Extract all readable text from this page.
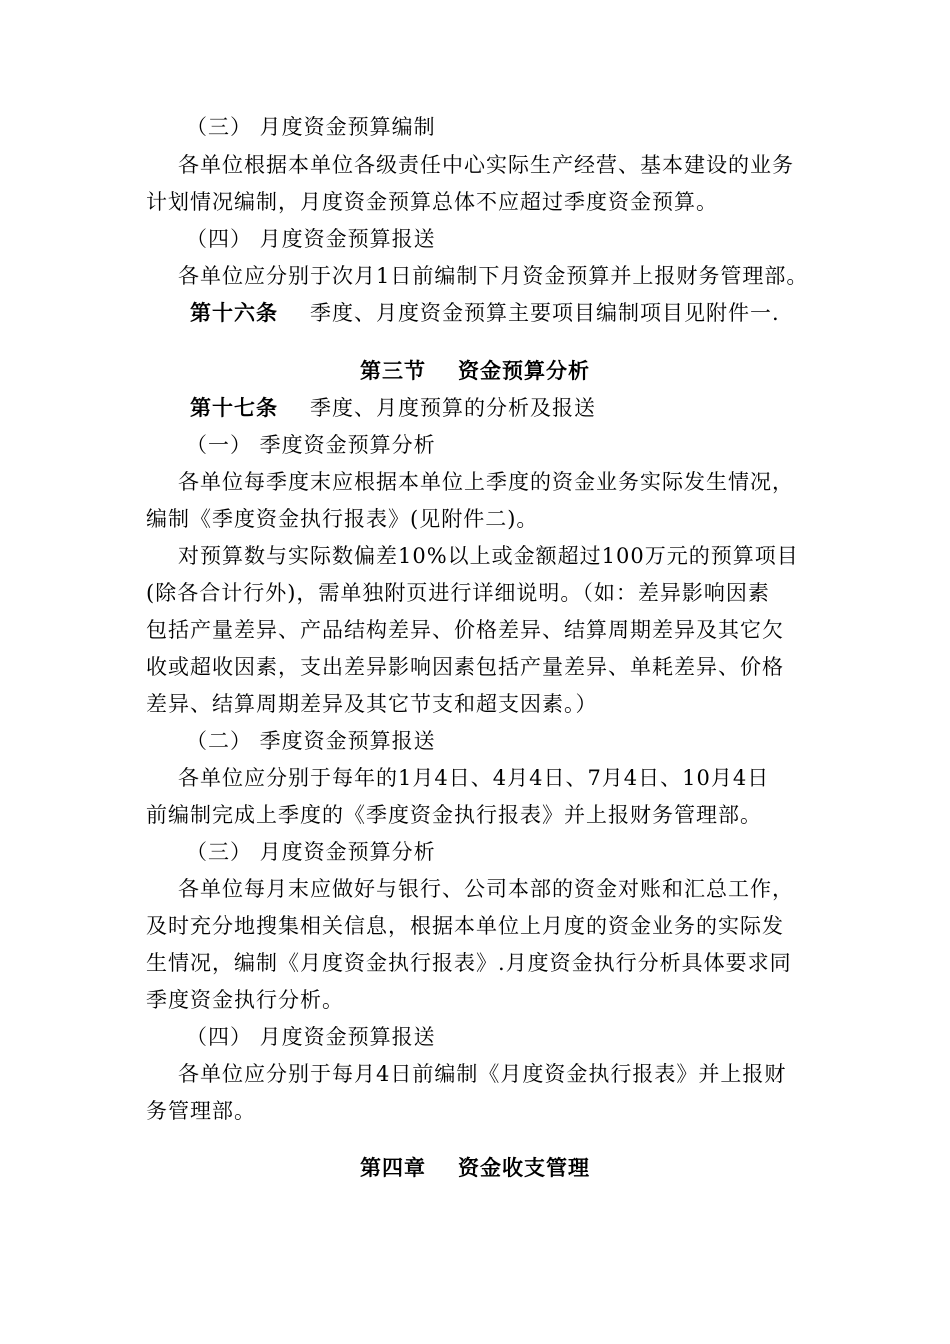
（三） 月度资金预算编制
各单位根据本单位各级责任中心实际生产经营、基本建设的业务
计划情况编制，月度资金预算总体不应超过季度资金预算。
（四） 月度资金预算报送
各单位应分别于次月1日前编制下月资金预算并上报财务管理部。
第十六条 季度、月度资金预算主要项目编制项目见附件一.
第三节 资金预算分析
第十七条 季度、月度预算的分析及报送
（一） 季度资金预算分析
各单位每季度末应根据本单位上季度的资金业务实际发生情况，
编制《季度资金执行报表》(见附件二)。
对预算数与实际数偏差10%以上或金额超过100万元的预算项目
(除各合计行外)，需单独附页进行详细说明。（如：差异影响因素
包括产量差异、产品结构差异、价格差异、结算周期差异及其它欠
收或超收因素，支出差异影响因素包括产量差异、单耗差异、价格
差异、结算周期差异及其它节支和超支因素。）
（二） 季度资金预算报送
各单位应分别于每年的1月4日、4月4日、7月4日、10月4日
前编制完成上季度的《季度资金执行报表》并上报财务管理部。
（三） 月度资金预算分析
各单位每月末应做好与银行、公司本部的资金对账和汇总工作，
及时充分地搜集相关信息，根据本单位上月度的资金业务的实际发
生情况，编制《月度资金执行报表》.月度资金执行分析具体要求同
季度资金执行分析。
（四） 月度资金预算报送
各单位应分别于每月4日前编制《月度资金执行报表》并上报财
务管理部。
第四章 资金收支管理
